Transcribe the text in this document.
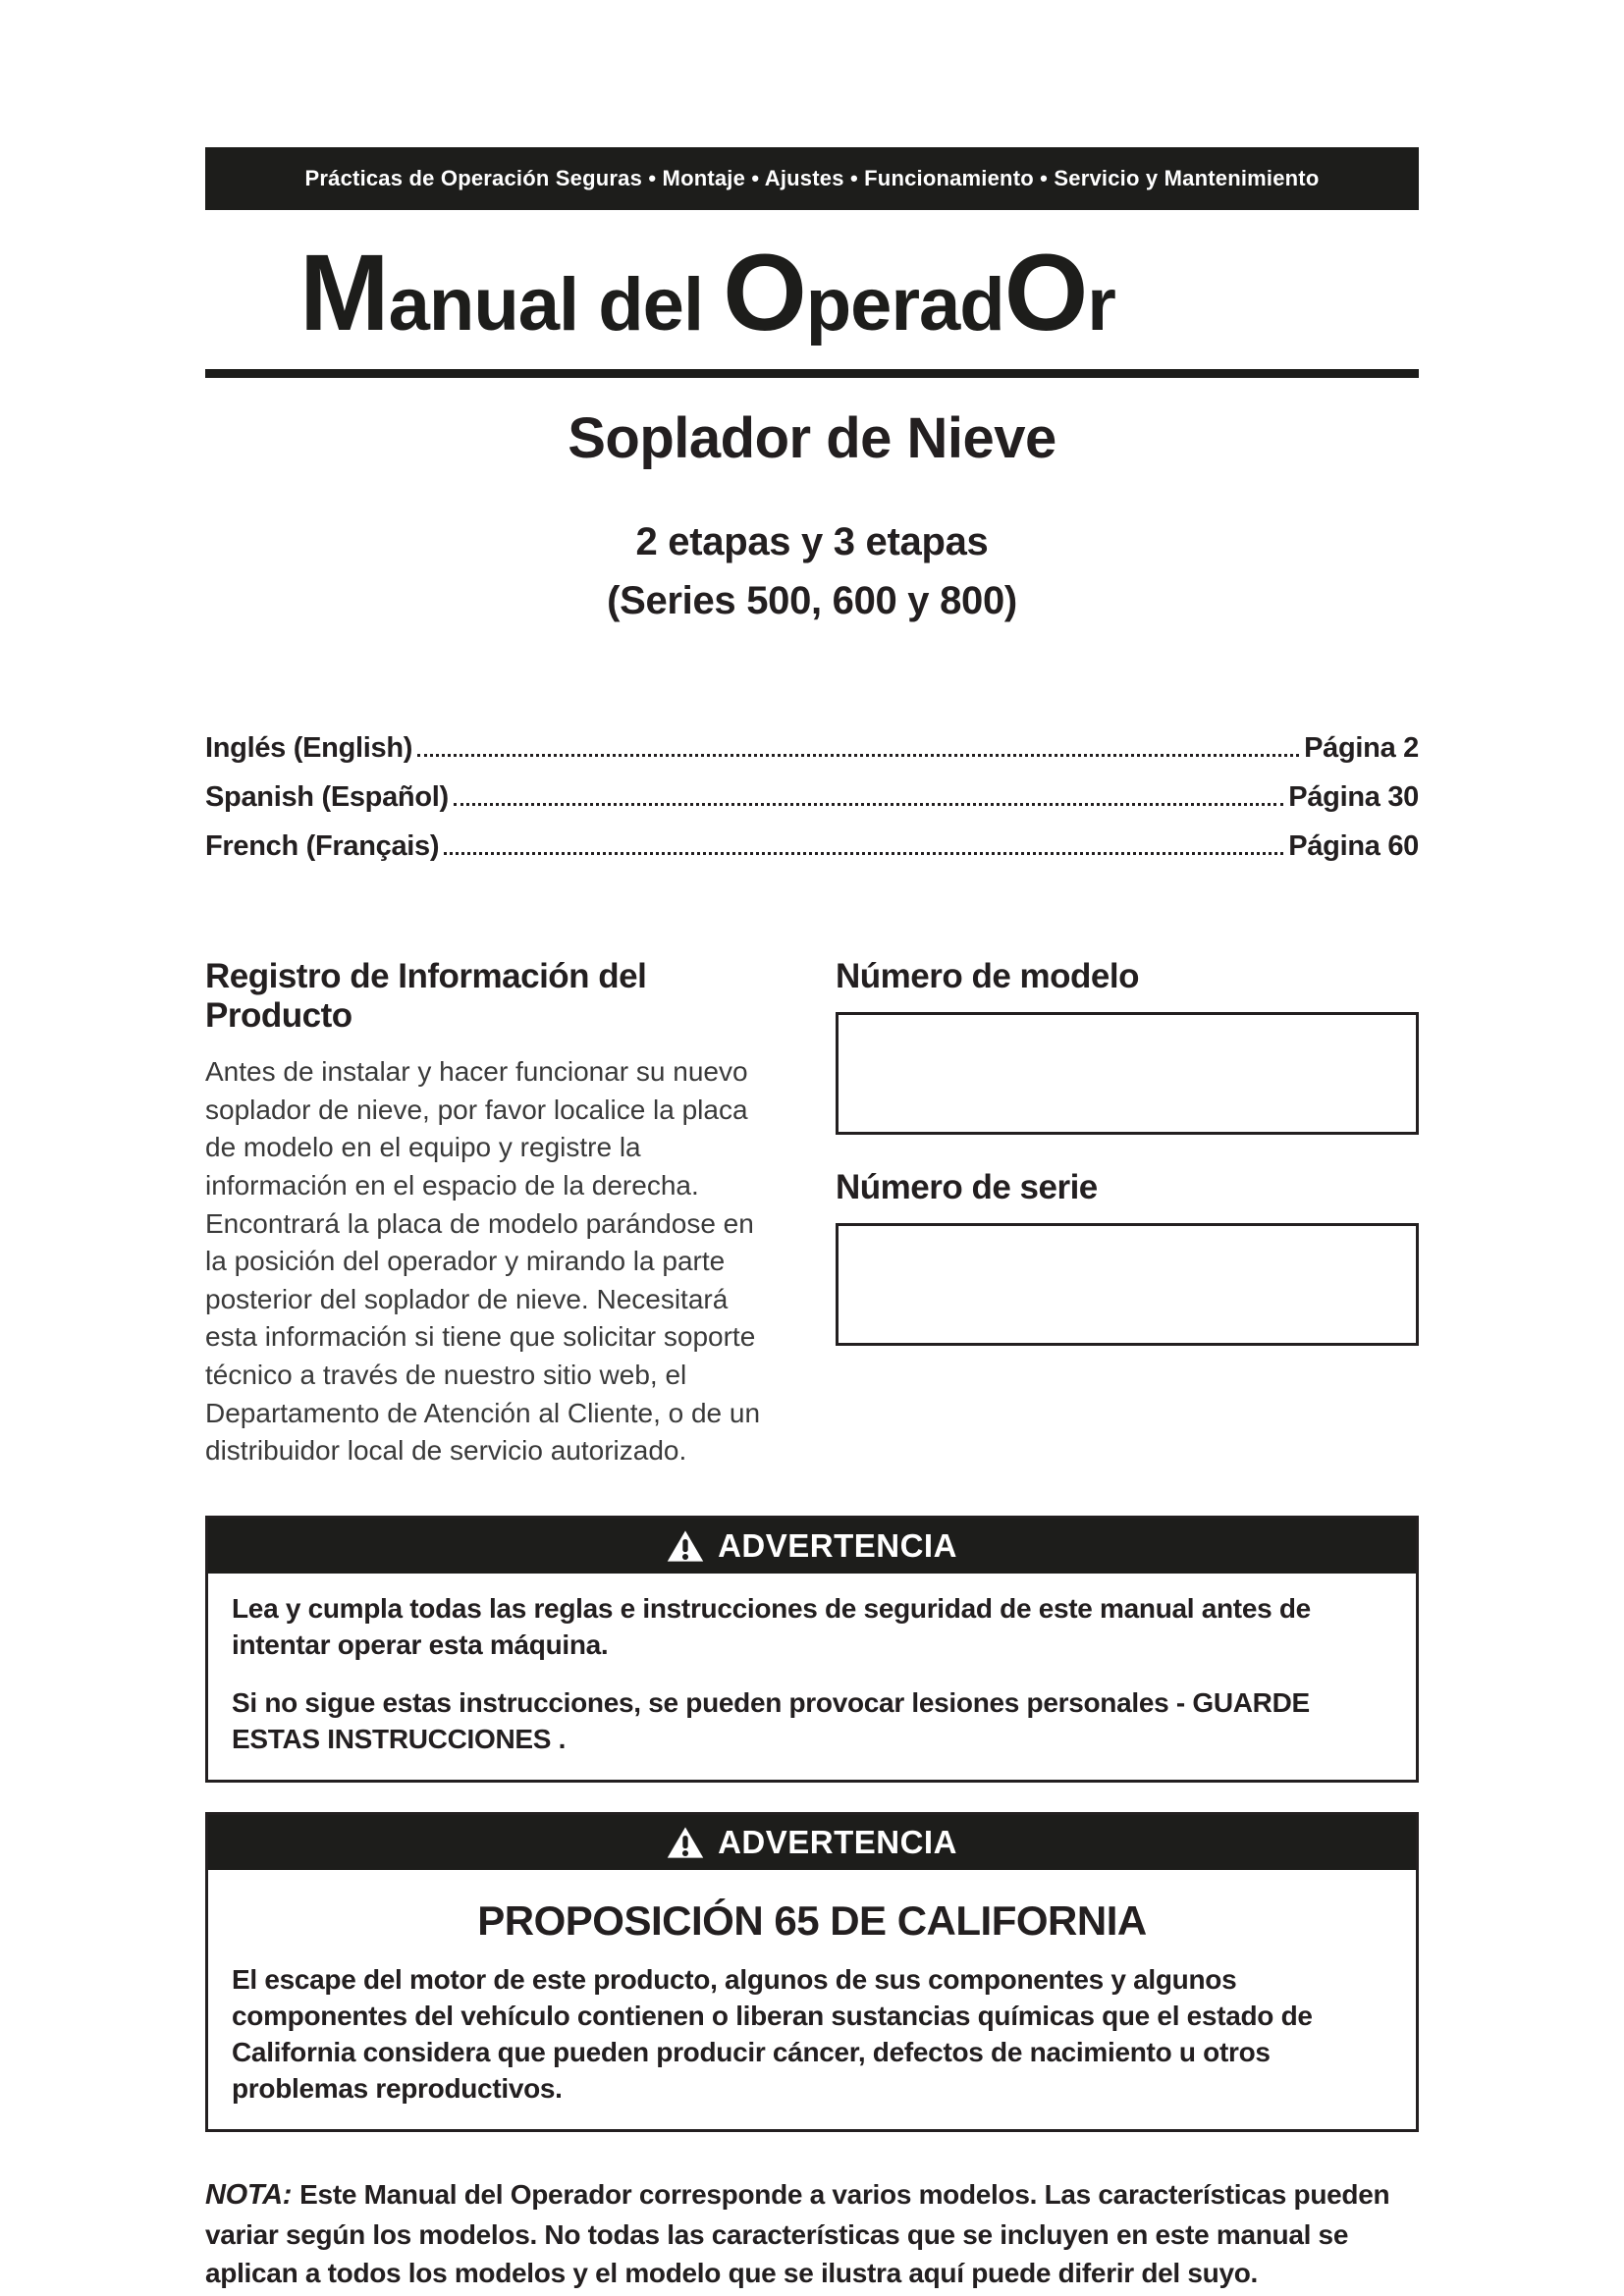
Prácticas de Operación Seguras • Montaje • Ajustes • Funcionamiento • Servicio y Mantenimiento
Manual del OperadOr
Soplador de Nieve
2 etapas y 3 etapas
(Series 500, 600 y 800)
Inglés (English)	Página 2
Spanish (Español)	Página 30
French (Français)	Página 60
Registro de Información del Producto

Antes de instalar y hacer funcionar su nuevo soplador de nieve, por favor localice la placa de modelo en el equipo y registre la información en el espacio de la derecha. Encontrará la placa de modelo parándose en la posición del operador y mirando la parte posterior del soplador de nieve. Necesitará esta información si tiene que solicitar soporte técnico a través de nuestro sitio web, el Departamento de Atención al Cliente, o de un distribuidor local de servicio autorizado.

Número de modelo
Número de serie
ADVERTENCIA

Lea y cumpla todas las reglas e instrucciones de seguridad de este manual antes de intentar operar esta máquina.

Si no sigue estas instrucciones, se pueden provocar lesiones personales - GUARDE ESTAS INSTRUCCIONES .

ADVERTENCIA
PROPOSICIÓN 65 DE CALIFORNIA

El escape del motor de este producto, algunos de sus componentes y algunos componentes del vehículo contienen o liberan sustancias químicas que el estado de California considera que pueden producir cáncer, defectos de nacimiento u otros problemas reproductivos.

NOTA: Este Manual del Operador corresponde a varios modelos. Las características pueden variar según los modelos. No todas las características que se incluyen en este manual se aplican a todos los modelos y el modelo que se ilustra aquí puede diferir del suyo.
